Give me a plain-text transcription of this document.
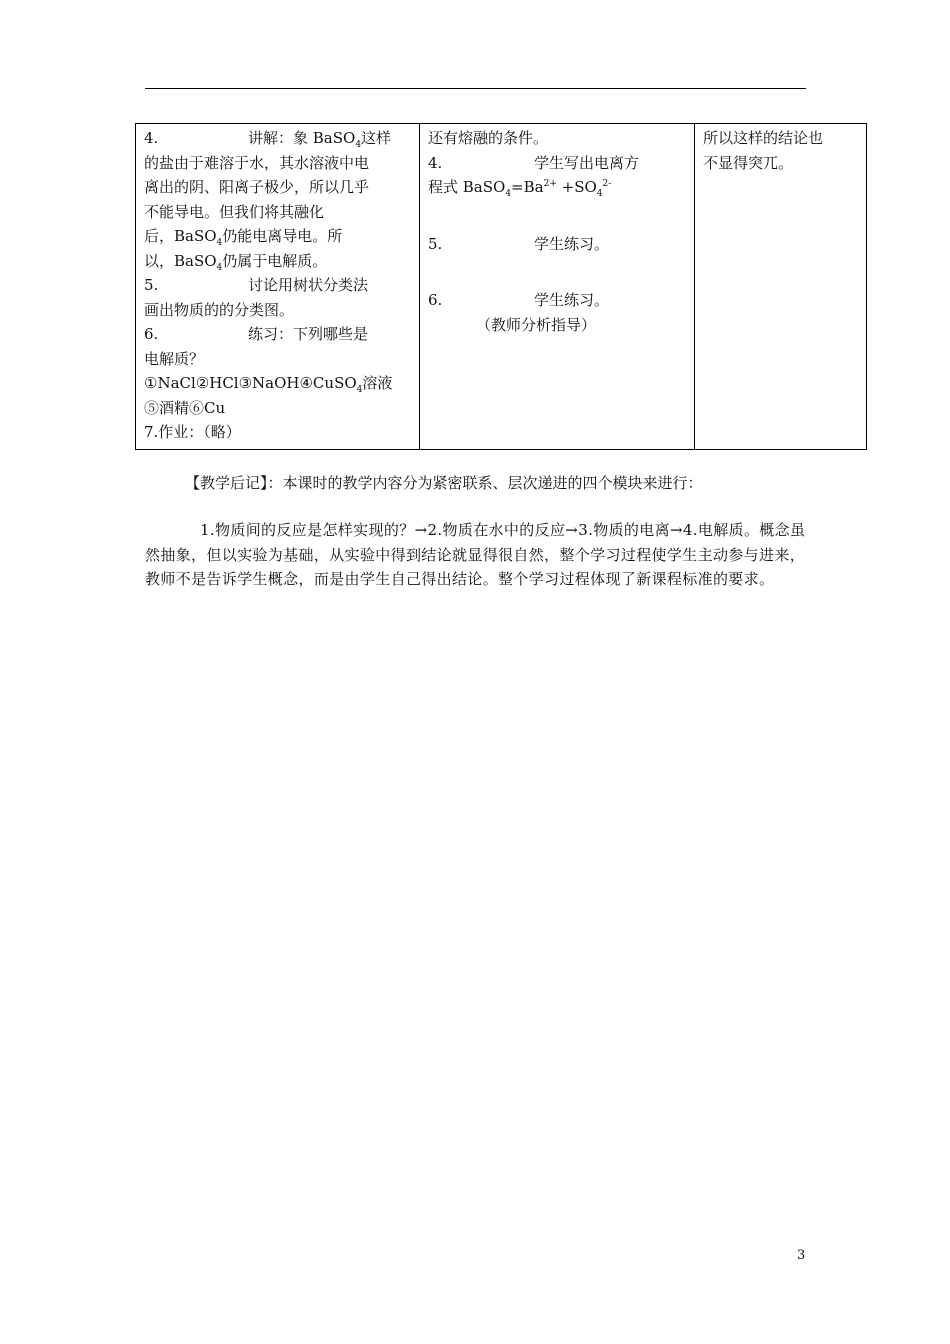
4.	讲解：象 BaSO$_4$这样
的盐由于难溶于水，其水溶液中电
离出的阴、阳离子极少，所以几乎
不能导电。但我们将其融化
后，BaSO$_4$仍能电离导电。所
以，BaSO$_4$仍属于电解质。
5.	讨论用树状分类法
画出物质的的分类图。
6.	练习：下列哪些是
电解质？
①NaCl②HCl③NaOH④CuSO$_4$溶液
⑤酒精⑥Cu
7.作业：（略）

还有熔融的条件。
4.	学生写出电离方
程式 $BaSO_4=Ba^{2+} +SO_4^{2-}$

5.	学生练习。
6.	学生练习。
（教师分析指导）

所以这样的结论也
不显得突兀。
【教学后记】：本课时的教学内容分为紧密联系、层次递进的四个模块来进行：
1.物质间的反应是怎样实现的？→2.物质在水中的反应→3.物质的电离→4.电解质。概念虽然抽象，但以实验为基础，从实验中得到结论就显得很自然，整个学习过程使学生主动参与进来，教师不是告诉学生概念，而是由学生自己得出结论。整个学习过程体现了新课程标准的要求。
3
